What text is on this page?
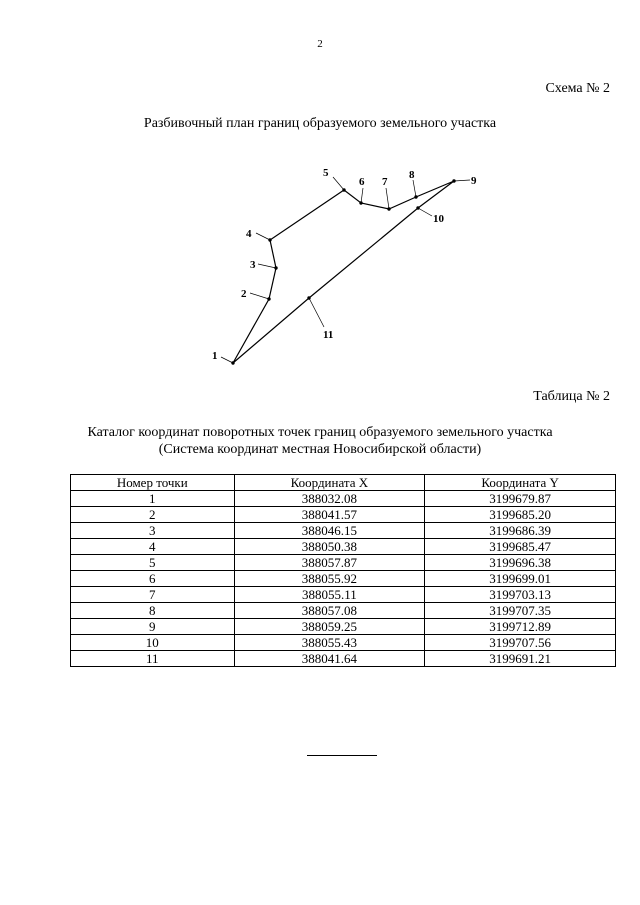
2
Схема № 2
Разбивочный план границ образуемого земельного участка
1
2
3
4
5
6 7
8	9
10
11
Таблица № 2
Каталог координат поворотных точек границ образуемого земельного участка
(Система координат местная Новосибирской области)
Номер точки	Координата X	Координата Y
1	388032.08	3199679.87
2	388041.57	3199685.20
3	388046.15	3199686.39
4	388050.38	3199685.47
5	388057.87	3199696.38
6	388055.92	3199699.01
7	388055.11	3199703.13
8	388057.08	3199707.35
9	388059.25	3199712.89
10	388055.43	3199707.56
11	388041.64	3199691.21
